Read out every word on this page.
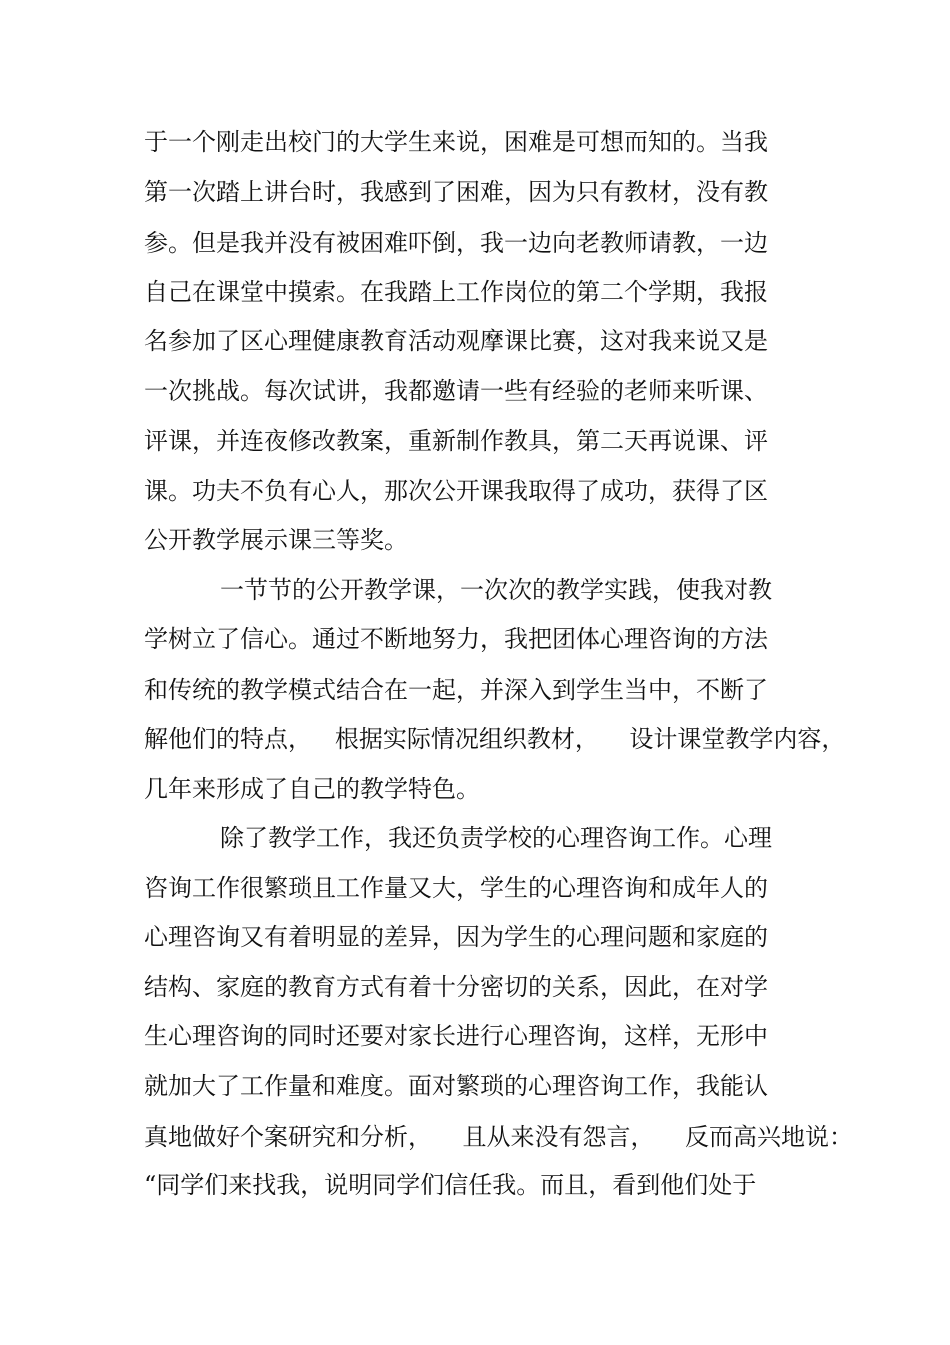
于一个刚走出校门的大学生来说，困难是可想而知的。当我
第一次踏上讲台时，我感到了困难，因为只有教材，没有教
参。但是我并没有被困难吓倒，我一边向老教师请教，一边
自己在课堂中摸索。在我踏上工作岗位的第二个学期，我报
名参加了区心理健康教育活动观摩课比赛，这对我来说又是
一次挑战。每次试讲，我都邀请一些有经验的老师来听课、
评课，并连夜修改教案，重新制作教具，第二天再说课、评
课。功夫不负有心人，那次公开课我取得了成功，获得了区
公开教学展示课三等奖。
一节节的公开教学课，一次次的教学实践，使我对教
学树立了信心。通过不断地努力，我把团体心理咨询的方法
和传统的教学模式结合在一起，并深入到学生当中，不断了
解他们的特点，   根据实际情况组织教材，    设计课堂教学内容，
几年来形成了自己的教学特色。
除了教学工作，我还负责学校的心理咨询工作。心理
咨询工作很繁琐且工作量又大，学生的心理咨询和成年人的
心理咨询又有着明显的差异，因为学生的心理问题和家庭的
结构、家庭的教育方式有着十分密切的关系，因此，在对学
生心理咨询的同时还要对家长进行心理咨询，这样，无形中
就加大了工作量和难度。面对繁琐的心理咨询工作，我能认
真地做好个案研究和分析，    且从来没有怨言，    反而高兴地说：
“同学们来找我，说明同学们信任我。而且，看到他们处于
